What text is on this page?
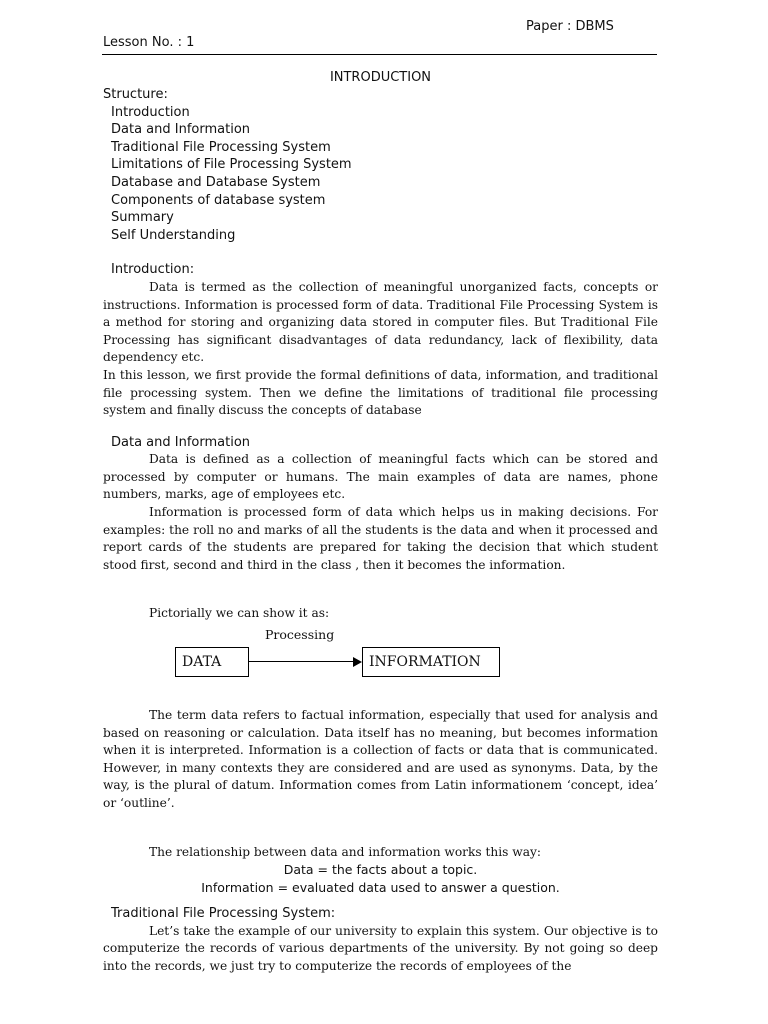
Paper : DBMS
Lesson No. : 1
INTRODUCTION
Structure:
Introduction
Data and Information
Traditional File Processing System
Limitations of File Processing System
Database and Database System
Components of database system
Summary
Self Understanding
Introduction:

Data is termed as the collection of meaningful unorganized facts, concepts or instructions. Information is processed form of data. Traditional File Processing System is a method for storing and organizing data stored in computer files. But Traditional File Processing has significant disadvantages of data redundancy, lack of flexibility, data dependency etc.

In this lesson, we first provide the formal definitions of data, information, and traditional file processing system. Then we define the limitations of traditional file processing system and finally discuss the concepts of database

Data and Information

Data is defined as a collection of meaningful facts which can be stored and processed by computer or humans. The main examples of data are names, phone numbers, marks, age of employees etc.

Information is processed form of data which helps us in making decisions. For examples: the roll no and marks of all the students is the data and when it processed and report cards of the students are prepared for taking the decision that which student stood first, second and third in the class , then it becomes the information.

Pictorially we can show it as:

Processing
DATA	INFORMATION

The term data refers to factual information, especially that used for analysis and based on reasoning or calculation. Data itself has no meaning, but becomes information when it is interpreted. Information is a collection of facts or data that is communicated. However, in many contexts they are considered and are used as synonyms. Data, by the way, is the plural of datum. Information comes from Latin informationem ‘concept, idea’ or ‘outline’.

The relationship between data and information works this way:

Data = the facts about a topic.
Information = evaluated data used to answer a question.
Traditional File Processing System:

Let’s take the example of our university to explain this system. Our objective is to computerize the records of various departments of the university. By not going so deep into the records, we just try to computerize the records of employees of the
